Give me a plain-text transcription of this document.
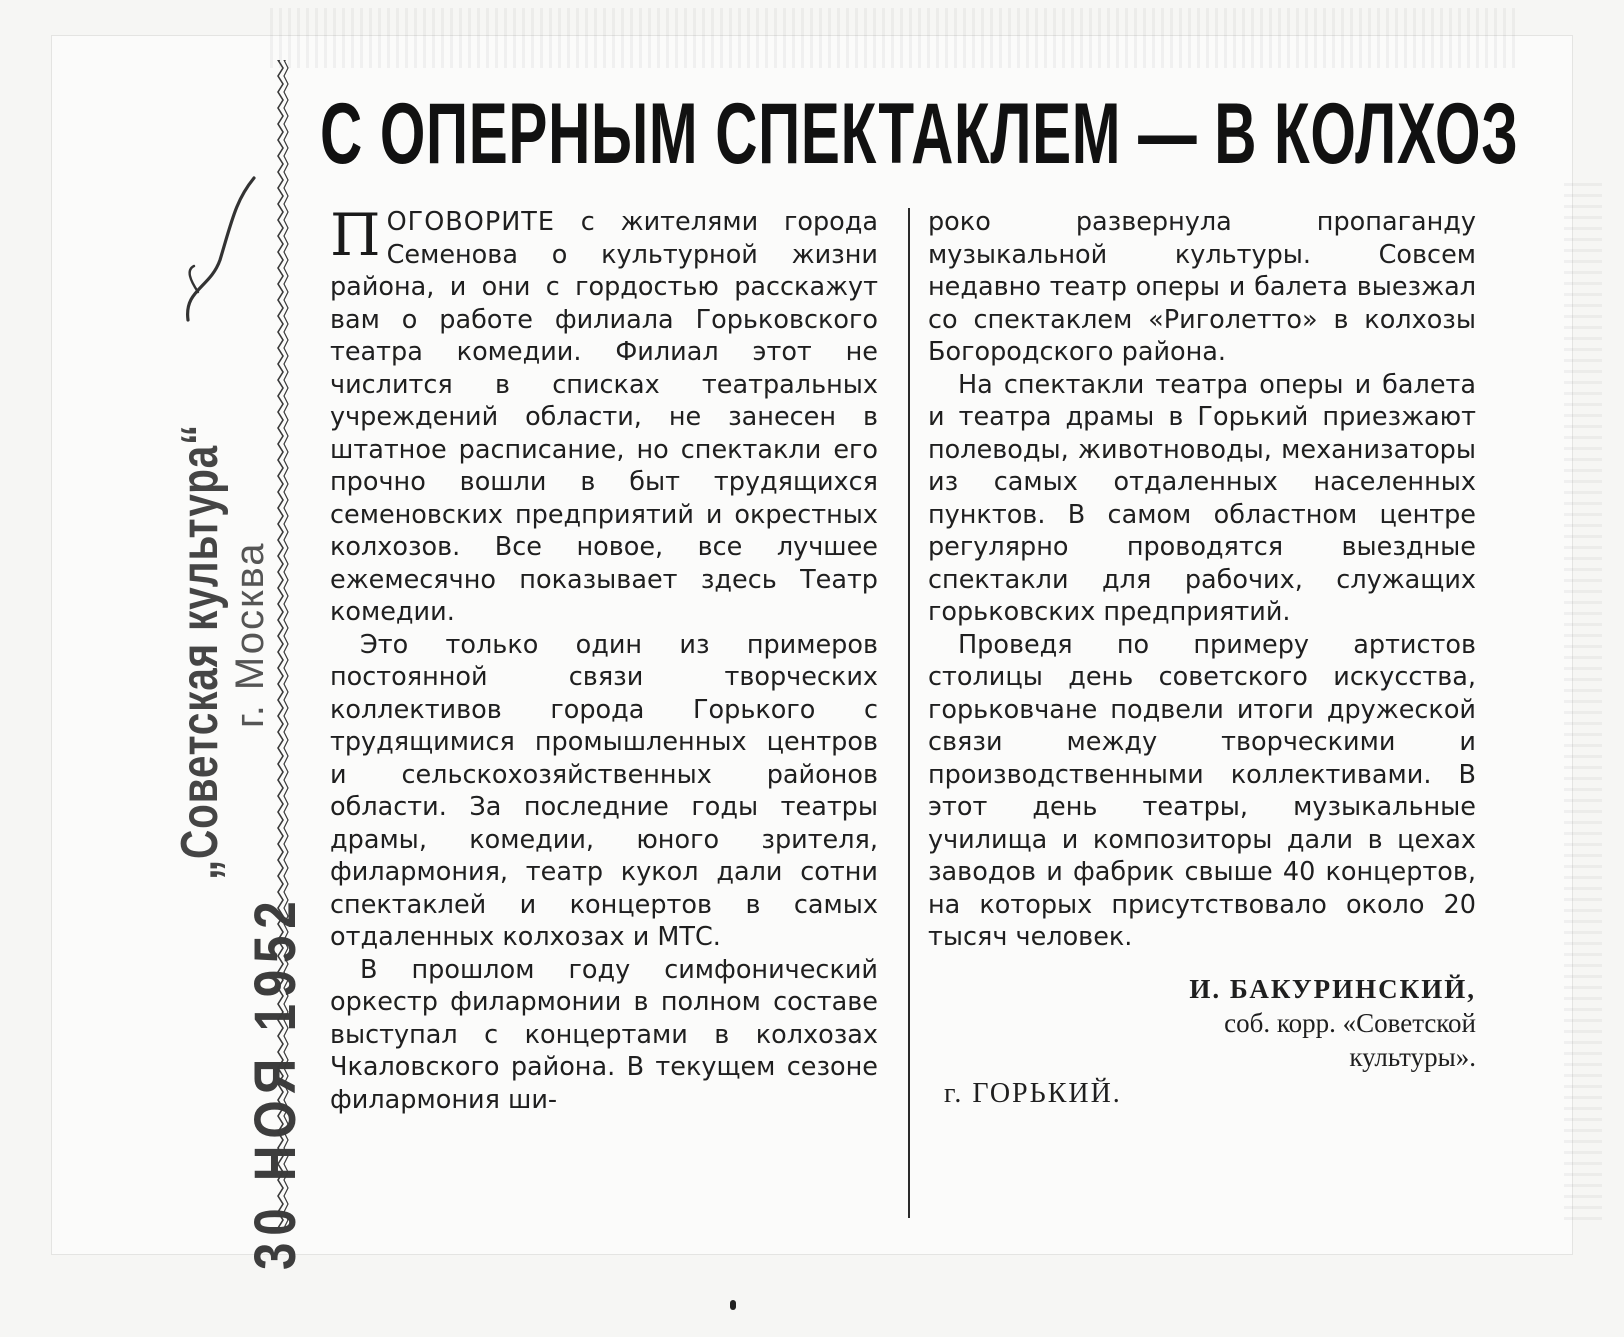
„Советская культура“ г. Москва
30 НОЯ 1952
С ОПЕРНЫМ СПЕКТАКЛЕМ — В КОЛХОЗ

ПОГОВОРИТЕ с жителями города Семенова о культурной жизни района, и они с гордостью расскажут вам о работе филиала Горьковского театра комедии. Филиал этот не числится в списках театральных учреждений области, не занесен в штатное расписание, но спектакли его прочно вошли в быт трудящихся семеновских предприятий и окрестных колхозов. Все новое, все лучшее ежемесячно показывает здесь Театр комедии.

Это только один из примеров постоянной связи творческих коллективов города Горького с трудящимися промышленных центров и сельскохозяйственных районов области. За последние годы театры драмы, комедии, юного зрителя, филармония, театр кукол дали сотни спектаклей и концертов в самых отдаленных колхозах и МТС.

В прошлом году симфонический оркестр филармонии в полном составе выступал с концертами в колхозах Чкаловского района. В текущем сезоне филармония ши-

роко развернула пропаганду музыкальной культуры. Совсем недавно театр оперы и балета выезжал со спектаклем «Риголетто» в колхозы Богородского района.

На спектакли театра оперы и балета и театра драмы в Горький приезжают полеводы, животноводы, механизаторы из самых отдаленных населенных пунктов. В самом областном центре регулярно проводятся выездные спектакли для рабочих, служащих горьковских предприятий.

Проведя по примеру артистов столицы день советского искусства, горьковчане подвели итоги дружеской связи между творческими и производственными коллективами. В этот день театры, музыкальные училища и композиторы дали в цехах заводов и фабрик свыше 40 концертов, на которых присутствовало около 20 тысяч человек.

И. БАКУРИНСКИЙ,
соб. корр. «Советской
культуры».
г. ГОРЬКИЙ.
